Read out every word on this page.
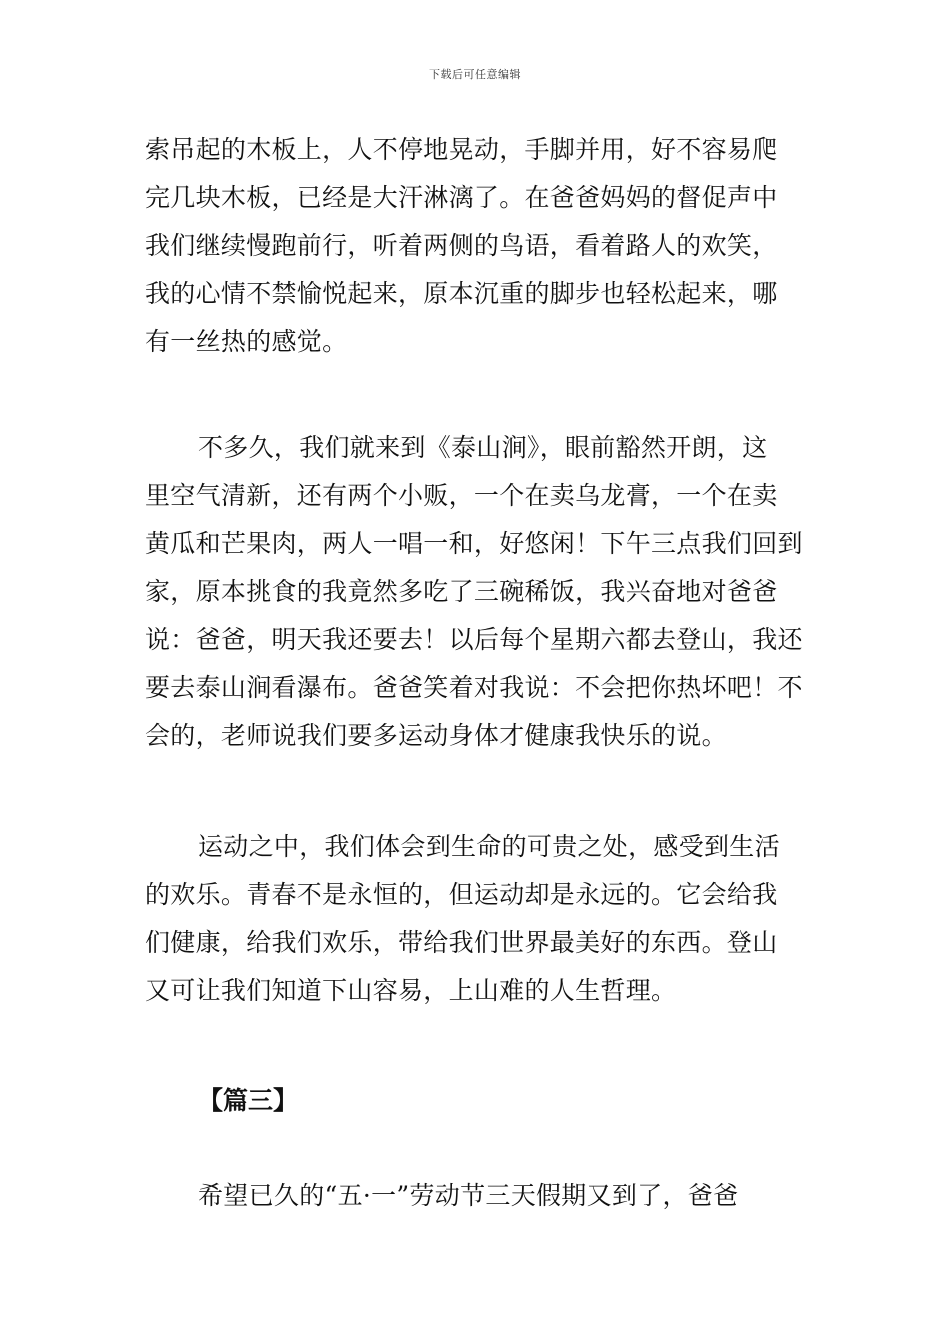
下载后可任意编辑
索吊起的木板上，人不停地晃动，手脚并用，好不容易爬
完几块木板，已经是大汗淋漓了。在爸爸妈妈的督促声中
我们继续慢跑前行，听着两侧的鸟语，看着路人的欢笑，
我的心情不禁愉悦起来，原本沉重的脚步也轻松起来，哪
有一丝热的感觉。
不多久，我们就来到《泰山涧》，眼前豁然开朗，这
里空气清新，还有两个小贩，一个在卖乌龙膏，一个在卖
黄瓜和芒果肉，两人一唱一和，好悠闲！下午三点我们回到
家，原本挑食的我竟然多吃了三碗稀饭，我兴奋地对爸爸
说：爸爸，明天我还要去！以后每个星期六都去登山，我还
要去泰山涧看瀑布。爸爸笑着对我说：不会把你热坏吧！不
会的，老师说我们要多运动身体才健康我快乐的说。
运动之中，我们体会到生命的可贵之处，感受到生活
的欢乐。青春不是永恒的，但运动却是永远的。它会给我
们健康，给我们欢乐，带给我们世界最美好的东西。登山
又可让我们知道下山容易，上山难的人生哲理。
【篇三】
希望已久的“五·一”劳动节三天假期又到了，爸爸
